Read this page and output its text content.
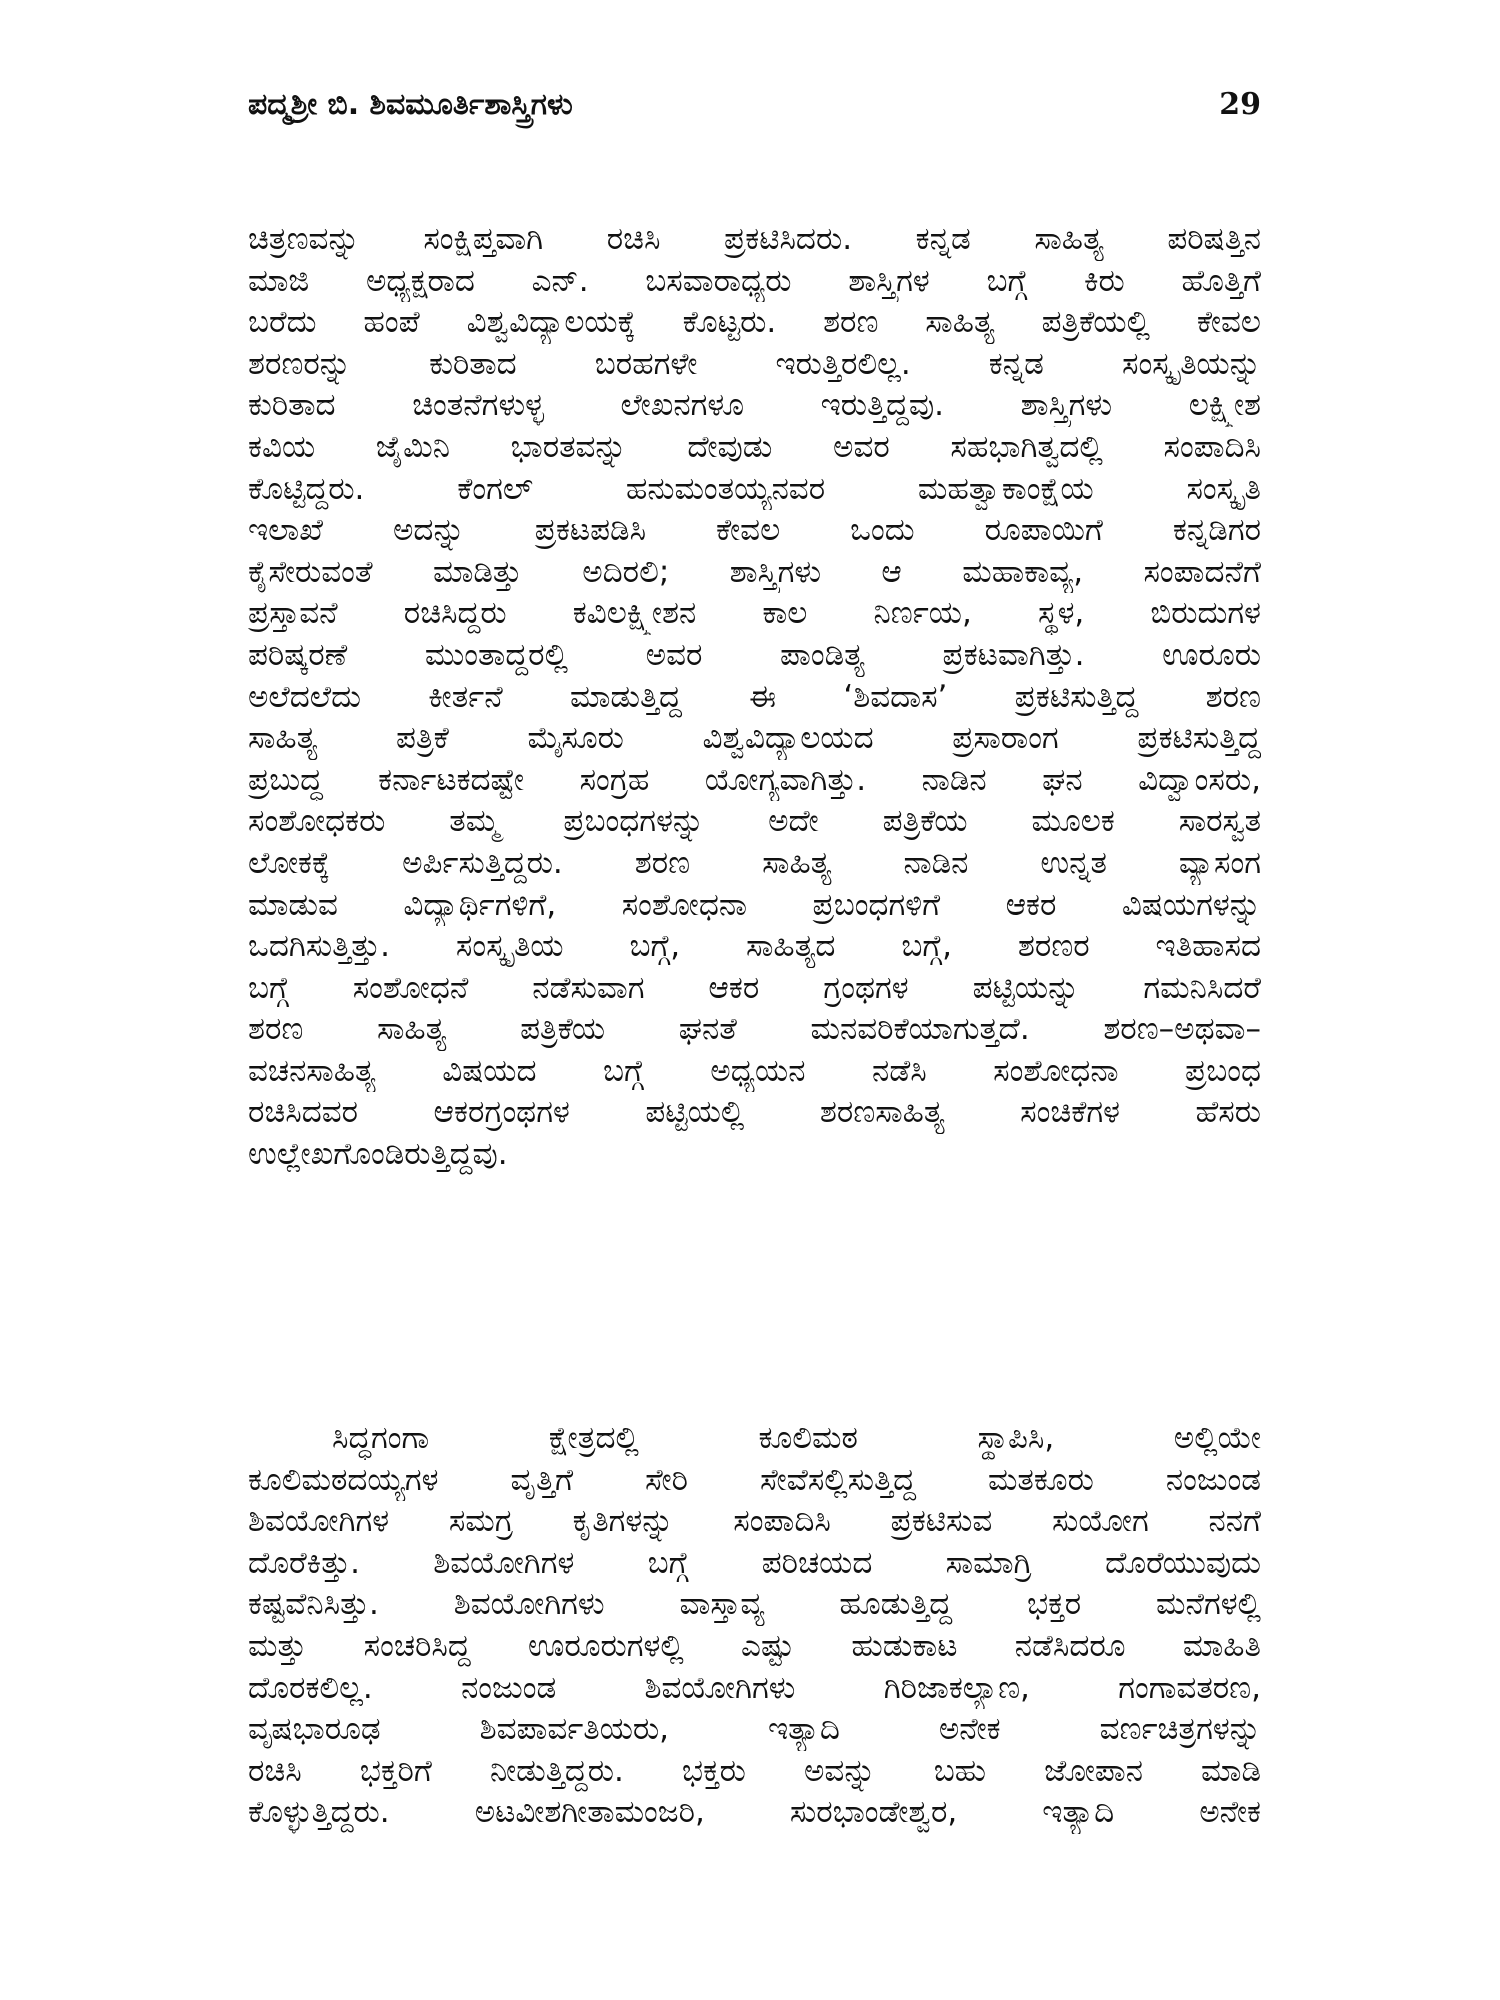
ಪದ್ಮಶ್ರೀ ಬಿ. ಶಿವಮೂರ್ತಿಶಾಸ್ತ್ರಿಗಳು	29
ಚಿತ್ರಣವನ್ನು ಸಂಕ್ಷಿಪ್ತವಾಗಿ ರಚಿಸಿ ಪ್ರಕಟಿಸಿದರು. ಕನ್ನಡ ಸಾಹಿತ್ಯ ಪರಿಷತ್ತಿನ
ಮಾಜಿ ಅಧ್ಯಕ್ಷರಾದ ಎನ್. ಬಸವಾರಾಧ್ಯರು ಶಾಸ್ತ್ರಿಗಳ ಬಗ್ಗೆ ಕಿರು ಹೊತ್ತಿಗೆ
ಬರೆದು ಹಂಪೆ ವಿಶ್ವವಿದ್ಯಾಲಯಕ್ಕೆ ಕೊಟ್ಟರು. ಶರಣ ಸಾಹಿತ್ಯ ಪತ್ರಿಕೆಯಲ್ಲಿ ಕೇವಲ
ಶರಣರನ್ನು ಕುರಿತಾದ ಬರಹಗಳೇ ಇರುತ್ತಿರಲಿಲ್ಲ. ಕನ್ನಡ ಸಂಸ್ಕೃತಿಯನ್ನು
ಕುರಿತಾದ ಚಿಂತನೆಗಳುಳ್ಳ ಲೇಖನಗಳೂ ಇರುತ್ತಿದ್ದವು. ಶಾಸ್ತ್ರಿಗಳು ಲಕ್ಷ್ಮೀಶ
ಕವಿಯ ಜೈಮಿನಿ ಭಾರತವನ್ನು ದೇವುಡು ಅವರ ಸಹಭಾಗಿತ್ವದಲ್ಲಿ ಸಂಪಾದಿಸಿ
ಕೊಟ್ಟಿದ್ದರು. ಕೆಂಗಲ್ ಹನುಮಂತಯ್ಯನವರ ಮಹತ್ವಾಕಾಂಕ್ಷೆಯ ಸಂಸ್ಕೃತಿ
ಇಲಾಖೆ ಅದನ್ನು ಪ್ರಕಟಪಡಿಸಿ ಕೇವಲ ಒಂದು ರೂಪಾಯಿಗೆ ಕನ್ನಡಿಗರ
ಕೈಸೇರುವಂತೆ ಮಾಡಿತ್ತು ಅದಿರಲಿ; ಶಾಸ್ತ್ರಿಗಳು ಆ ಮಹಾಕಾವ್ಯ, ಸಂಪಾದನೆಗೆ
ಪ್ರಸ್ತಾವನೆ ರಚಿಸಿದ್ದರು ಕವಿಲಕ್ಷ್ಮೀಶನ ಕಾಲ ನಿರ್ಣಯ, ಸ್ಥಳ, ಬಿರುದುಗಳ
ಪರಿಷ್ಕರಣೆ ಮುಂತಾದ್ದರಲ್ಲಿ ಅವರ ಪಾಂಡಿತ್ಯ ಪ್ರಕಟವಾಗಿತ್ತು. ಊರೂರು
ಅಲೆದಲೆದು ಕೀರ್ತನೆ ಮಾಡುತ್ತಿದ್ದ ಈ ‘ಶಿವದಾಸ’ ಪ್ರಕಟಿಸುತ್ತಿದ್ದ ಶರಣ
ಸಾಹಿತ್ಯ ಪತ್ರಿಕೆ ಮೈಸೂರು ವಿಶ್ವವಿದ್ಯಾಲಯದ ಪ್ರಸಾರಾಂಗ ಪ್ರಕಟಿಸುತ್ತಿದ್ದ
ಪ್ರಬುದ್ಧ ಕರ್ನಾಟಕದಷ್ಟೇ ಸಂಗ್ರಹ ಯೋಗ್ಯವಾಗಿತ್ತು. ನಾಡಿನ ಘನ ವಿದ್ವಾಂಸರು,
ಸಂಶೋಧಕರು ತಮ್ಮ ಪ್ರಬಂಧಗಳನ್ನು ಅದೇ ಪತ್ರಿಕೆಯ ಮೂಲಕ ಸಾರಸ್ವತ
ಲೋಕಕ್ಕೆ ಅರ್ಪಿಸುತ್ತಿದ್ದರು. ಶರಣ ಸಾಹಿತ್ಯ ನಾಡಿನ ಉನ್ನತ ವ್ಯಾಸಂಗ
ಮಾಡುವ ವಿದ್ಯಾರ್ಥಿಗಳಿಗೆ, ಸಂಶೋಧನಾ ಪ್ರಬಂಧಗಳಿಗೆ ಆಕರ ವಿಷಯಗಳನ್ನು
ಒದಗಿಸುತ್ತಿತ್ತು. ಸಂಸ್ಕೃತಿಯ ಬಗ್ಗೆ, ಸಾಹಿತ್ಯದ ಬಗ್ಗೆ, ಶರಣರ ಇತಿಹಾಸದ
ಬಗ್ಗೆ ಸಂಶೋಧನೆ ನಡೆಸುವಾಗ ಆಕರ ಗ್ರಂಥಗಳ ಪಟ್ಟಿಯನ್ನು ಗಮನಿಸಿದರೆ
ಶರಣ ಸಾಹಿತ್ಯ ಪತ್ರಿಕೆಯ ಘನತೆ ಮನವರಿಕೆಯಾಗುತ್ತದೆ. ಶರಣ–ಅಥವಾ–
ವಚನಸಾಹಿತ್ಯ ವಿಷಯದ ಬಗ್ಗೆ ಅಧ್ಯಯನ ನಡೆಸಿ ಸಂಶೋಧನಾ ಪ್ರಬಂಧ
ರಚಿಸಿದವರ ಆಕರಗ್ರಂಥಗಳ ಪಟ್ಟಿಯಲ್ಲಿ ಶರಣಸಾಹಿತ್ಯ ಸಂಚಿಕೆಗಳ ಹೆಸರು
ಉಲ್ಲೇಖಗೊಂಡಿರುತ್ತಿದ್ದವು.
ಸಿದ್ಧಗಂಗಾ ಕ್ಷೇತ್ರದಲ್ಲಿ ಕೂಲಿಮಠ ಸ್ಥಾಪಿಸಿ, ಅಲ್ಲಿಯೇ
ಕೂಲಿಮಠದಯ್ಯಗಳ ವೃತ್ತಿಗೆ ಸೇರಿ ಸೇವೆಸಲ್ಲಿಸುತ್ತಿದ್ದ ಮತಕೂರು ನಂಜುಂಡ
ಶಿವಯೋಗಿಗಳ ಸಮಗ್ರ ಕೃತಿಗಳನ್ನು ಸಂಪಾದಿಸಿ ಪ್ರಕಟಿಸುವ ಸುಯೋಗ ನನಗೆ
ದೊರೆಕಿತ್ತು. ಶಿವಯೋಗಿಗಳ ಬಗ್ಗೆ ಪರಿಚಯದ ಸಾಮಾಗ್ರಿ ದೊರೆಯುವುದು
ಕಷ್ಟವೆನಿಸಿತ್ತು. ಶಿವಯೋಗಿಗಳು ವಾಸ್ತಾವ್ಯ ಹೂಡುತ್ತಿದ್ದ ಭಕ್ತರ ಮನೆಗಳಲ್ಲಿ
ಮತ್ತು ಸಂಚರಿಸಿದ್ದ ಊರೂರುಗಳಲ್ಲಿ ಎಷ್ಟು ಹುಡುಕಾಟ ನಡೆಸಿದರೂ ಮಾಹಿತಿ
ದೊರಕಲಿಲ್ಲ. ನಂಜುಂಡ ಶಿವಯೋಗಿಗಳು ಗಿರಿಜಾಕಲ್ಯಾಣ, ಗಂಗಾವತರಣ,
ವೃಷಭಾರೂಢ ಶಿವಪಾರ್ವತಿಯರು, ಇತ್ಯಾದಿ ಅನೇಕ ವರ್ಣಚಿತ್ರಗಳನ್ನು
ರಚಿಸಿ ಭಕ್ತರಿಗೆ ನೀಡುತ್ತಿದ್ದರು. ಭಕ್ತರು ಅವನ್ನು ಬಹು ಜೋಪಾನ ಮಾಡಿ
ಕೊಳ್ಳುತ್ತಿದ್ದರು. ಅಟವೀಶಗೀತಾಮಂಜರಿ, ಸುರಭಾಂಡೇಶ್ವರ, ಇತ್ಯಾದಿ ಅನೇಕ
